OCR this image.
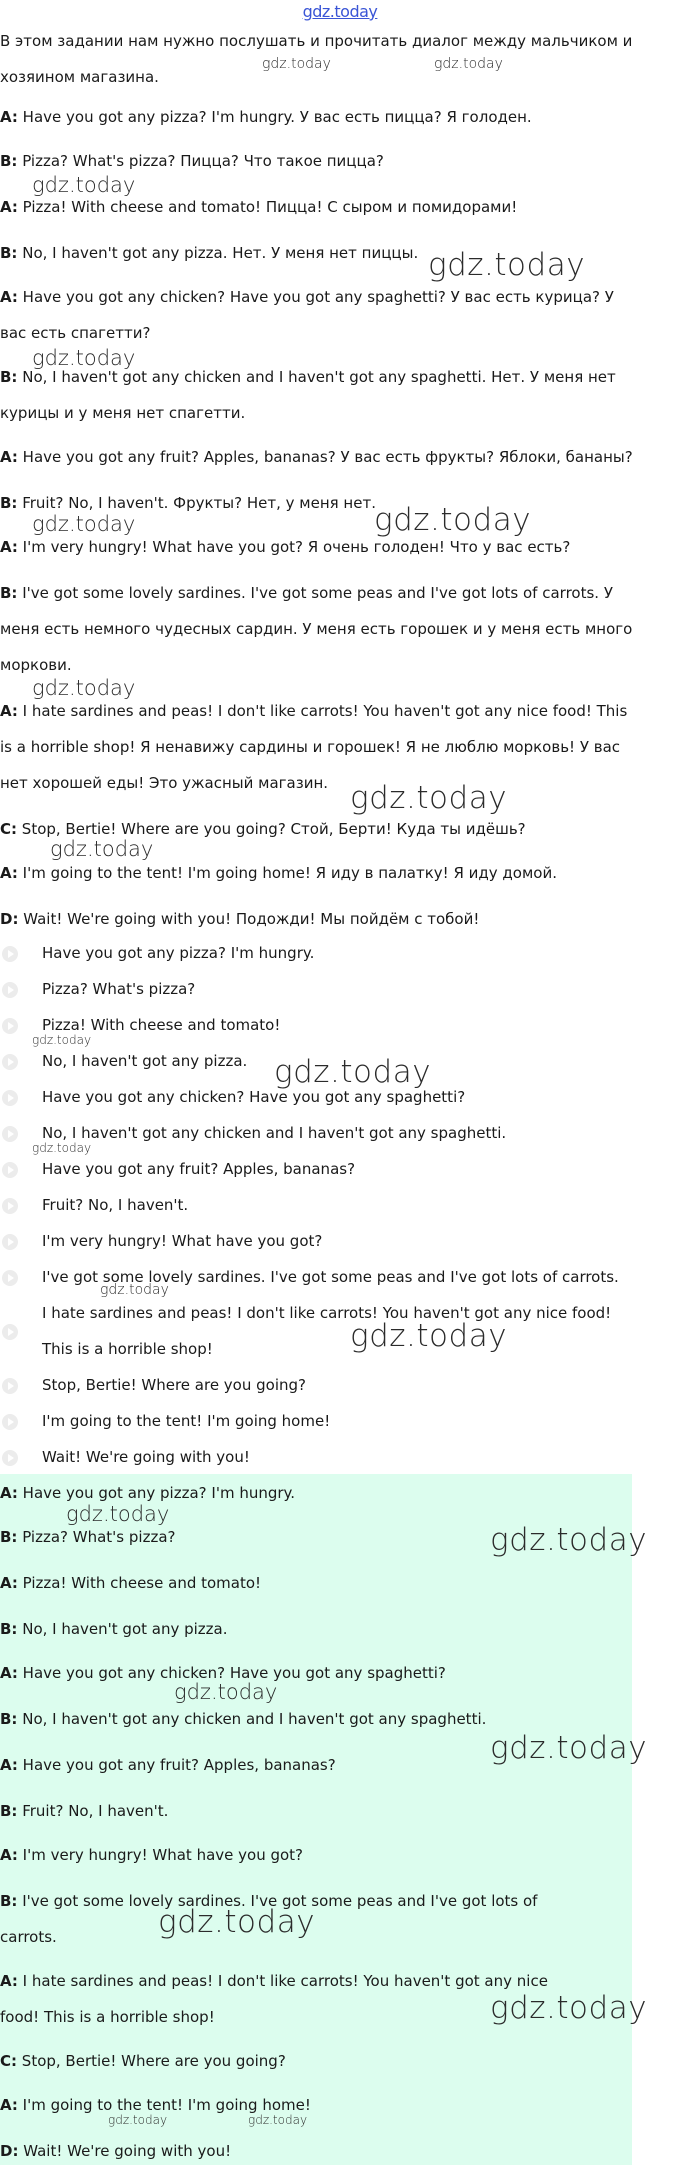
gdz.today
В этом задании нам нужно послушать и прочитать диалог между мальчиком и
хозяином магазина.
A: Have you got any pizza? I'm hungry. У вас есть пицца? Я голоден.
B: Pizza? What's pizza? Пицца? Что такое пицца?
A: Pizza! With cheese and tomato! Пицца! С сыром и помидорами!
B: No, I haven't got any pizza. Нет. У меня нет пиццы.
A: Have you got any chicken? Have you got any spaghetti? У вас есть курица? У
вас есть спагетти?
B: No, I haven't got any chicken and I haven't got any spaghetti. Нет. У меня нет
курицы и у меня нет спагетти.
A: Have you got any fruit? Apples, bananas? У вас есть фрукты? Яблоки, бананы?
B: Fruit? No, I haven't. Фрукты? Нет, у меня нет.
A: I'm very hungry! What have you got? Я очень голоден! Что у вас есть?
B: I've got some lovely sardines. I've got some peas and I've got lots of carrots. У
меня есть немного чудесных сардин. У меня есть горошек и у меня есть много
моркови.
A: I hate sardines and peas! I don't like carrots! You haven't got any nice food! This
is a horrible shop! Я ненавижу сардины и горошек! Я не люблю морковь! У вас
нет хорошей еды! Это ужасный магазин.
C: Stop, Bertie! Where are you going? Стой, Берти! Куда ты идёшь?
A: I'm going to the tent! I'm going home! Я иду в палатку! Я иду домой.
D: Wait! We're going with you! Подожди! Мы пойдём с тобой!
Have you got any pizza? I'm hungry.
Pizza? What's pizza?
Pizza! With cheese and tomato!
No, I haven't got any pizza.
Have you got any chicken? Have you got any spaghetti?
No, I haven't got any chicken and I haven't got any spaghetti.
Have you got any fruit? Apples, bananas?
Fruit? No, I haven't.
I'm very hungry! What have you got?
I've got some lovely sardines. I've got some peas and I've got lots of carrots.
I hate sardines and peas! I don't like carrots! You haven't got any nice food!
This is a horrible shop!
Stop, Bertie! Where are you going?
I'm going to the tent! I'm going home!
Wait! We're going with you!
A: Have you got any pizza? I'm hungry.
B: Pizza? What's pizza?
A: Pizza! With cheese and tomato!
B: No, I haven't got any pizza.
A: Have you got any chicken? Have you got any spaghetti?
B: No, I haven't got any chicken and I haven't got any spaghetti.
A: Have you got any fruit? Apples, bananas?
B: Fruit? No, I haven't.
A: I'm very hungry! What have you got?
B: I've got some lovely sardines. I've got some peas and I've got lots of
carrots.
A: I hate sardines and peas! I don't like carrots! You haven't got any nice
food! This is a horrible shop!
C: Stop, Bertie! Where are you going?
A: I'm going to the tent! I'm going home!
D: Wait! We're going with you!
gdz.today	gdz.today
gdz.today
gdz.today
gdz.today
gdz.today	gdz.today
gdz.today
gdz.today
gdz.today
gdz.today
gdz.today
gdz.today
gdz.today
gdz.today
gdz.today
gdz.today
gdz.today
gdz.today
gdz.today
gdz.today
gdz.today	gdz.today
